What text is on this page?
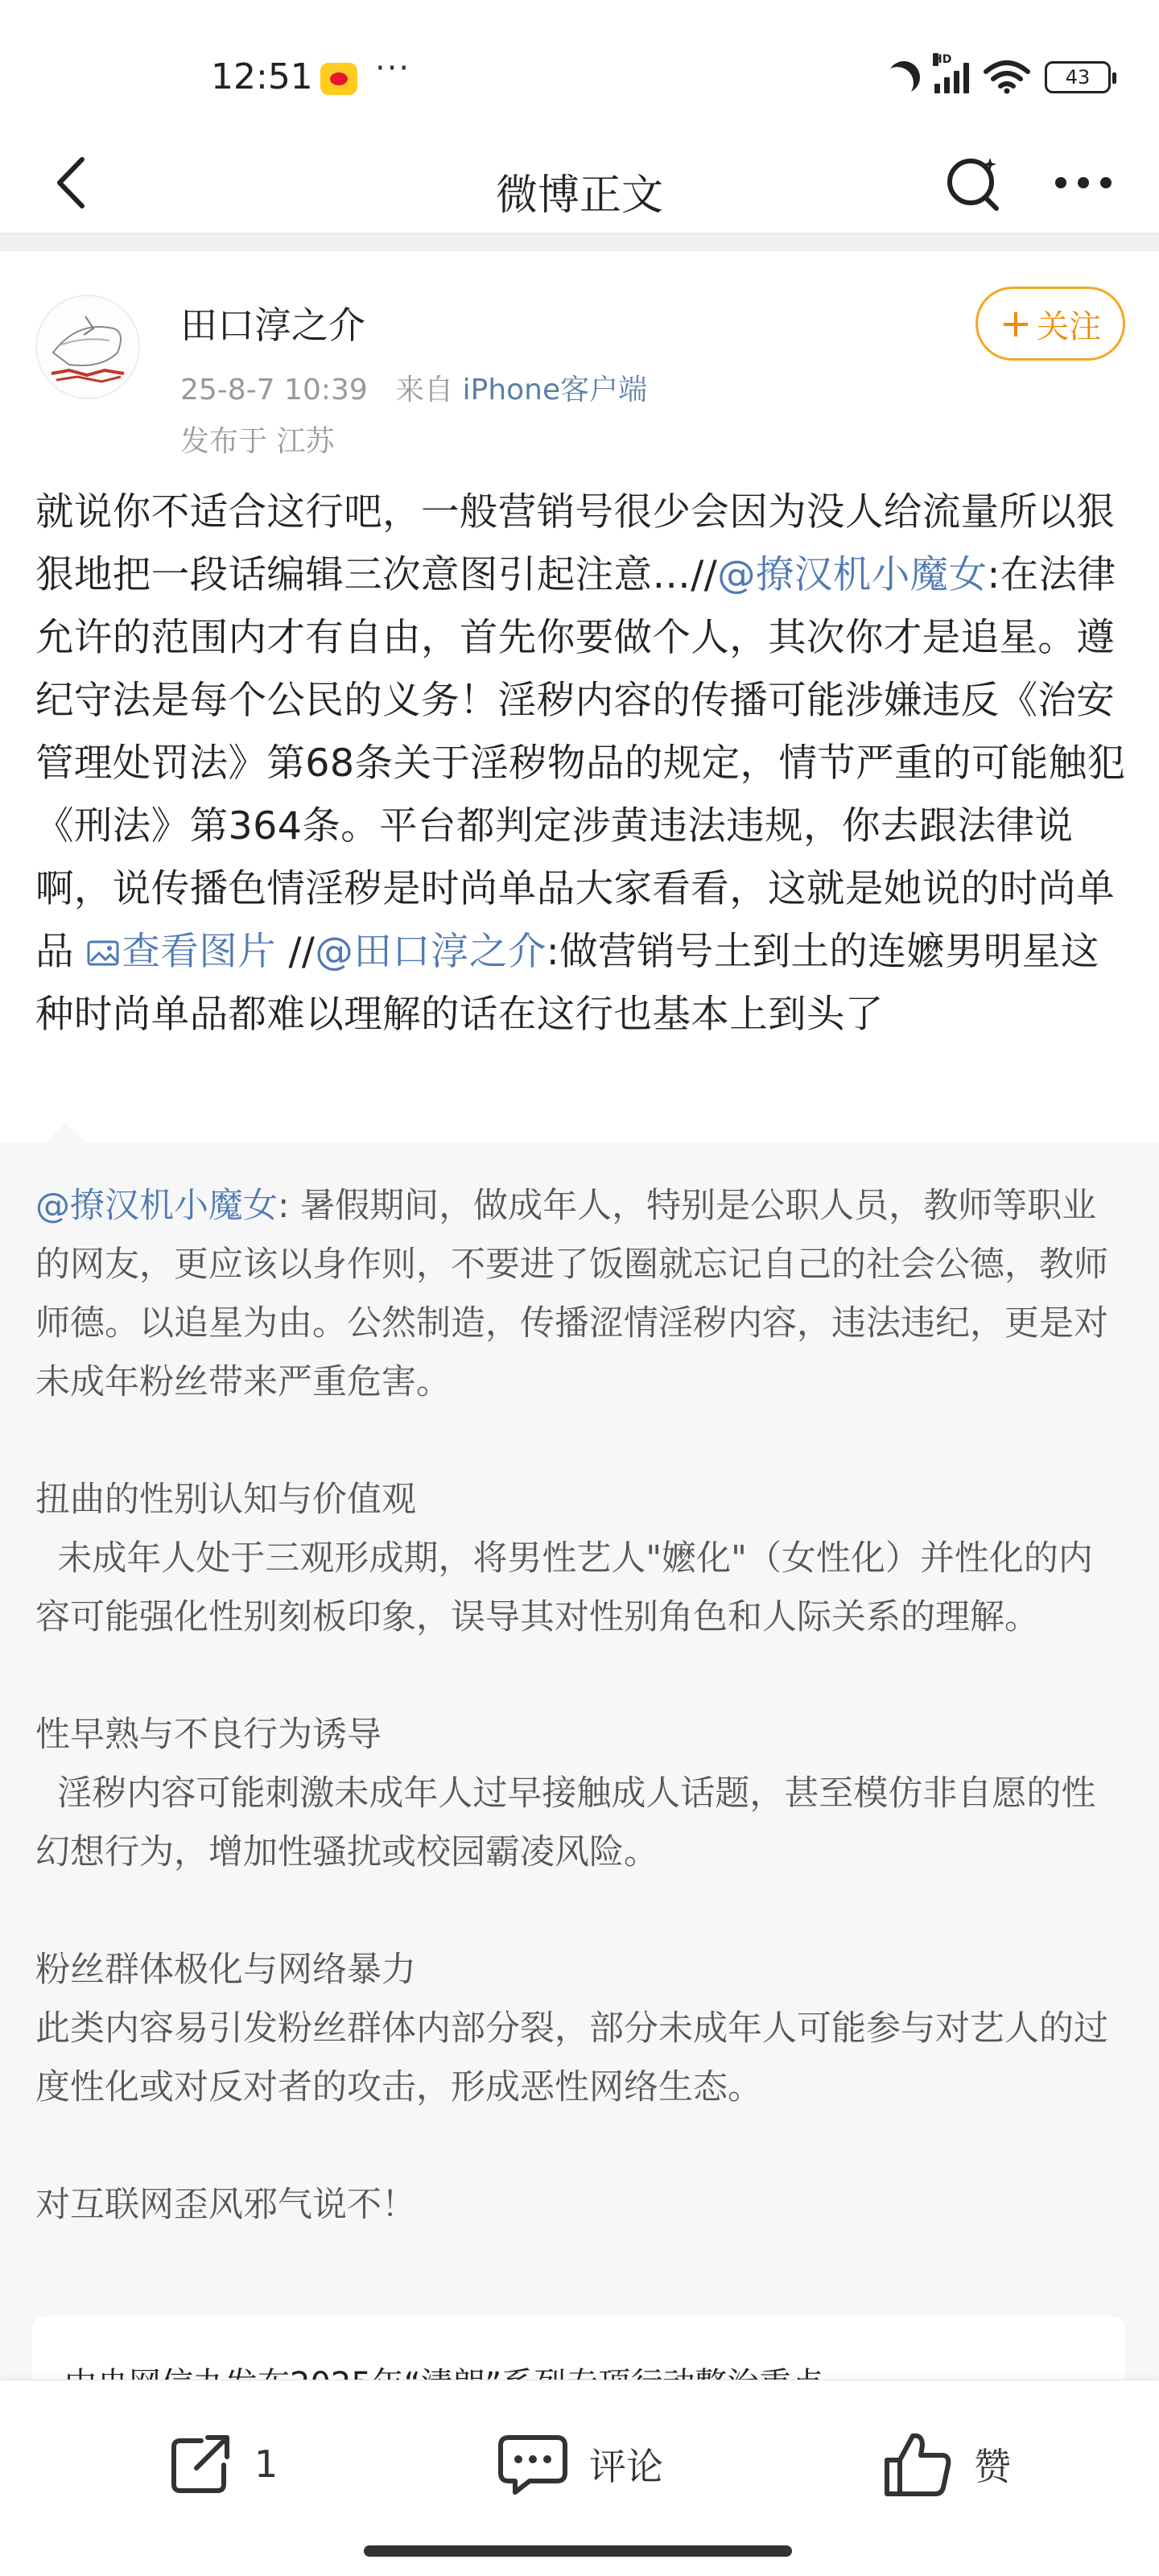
12:51 ···	HD
43
微博正文
田口淳之介
25-8-7 10:39 来自 iPhone客户端
发布于 江苏
+ 关注
就说你不适合这行吧，一般营销号很少会因为没人给流量所以狠狠地把一段话编辑三次意图引起注意…//@撩汉机小魔女:在法律允许的范围内才有自由，首先你要做个人，其次你才是追星。遵纪守法是每个公民的义务！淫秽内容的传播可能涉嫌违反《治安管理处罚法》第68条关于淫秽物品的规定，情节严重的可能触犯《刑法》第364条。平台都判定涉黄违法违规，你去跟法律说啊，说传播色情淫秽是时尚单品大家看看，这就是她说的时尚单品 查看图片 //@田口淳之介:做营销号土到土的连嬷男明星这种时尚单品都难以理解的话在这行也基本上到头了
@撩汉机小魔女: 暑假期间，做成年人，特别是公职人员，教师等职业的网友，更应该以身作则，不要进了饭圈就忘记自己的社会公德，教师师德。以追星为由。公然制造，传播涩情淫秽内容，违法违纪，更是对未成年粉丝带来严重危害。

扭曲的性别认知与价值观
未成年人处于三观形成期，将男性艺人"嬷化"（女性化）并性化的内容可能强化性别刻板印象，误导其对性别角色和人际关系的理解。

性早熟与不良行为诱导
淫秽内容可能刺激未成年人过早接触成人话题，甚至模仿非自愿的性幻想行为，增加性骚扰或校园霸凌风险。

粉丝群体极化与网络暴力
此类内容易引发粉丝群体内部分裂，部分未成年人可能参与对艺人的过度性化或对反对者的攻击，形成恶性网络生态。

对互联网歪风邪气说不！
1	评论	赞
